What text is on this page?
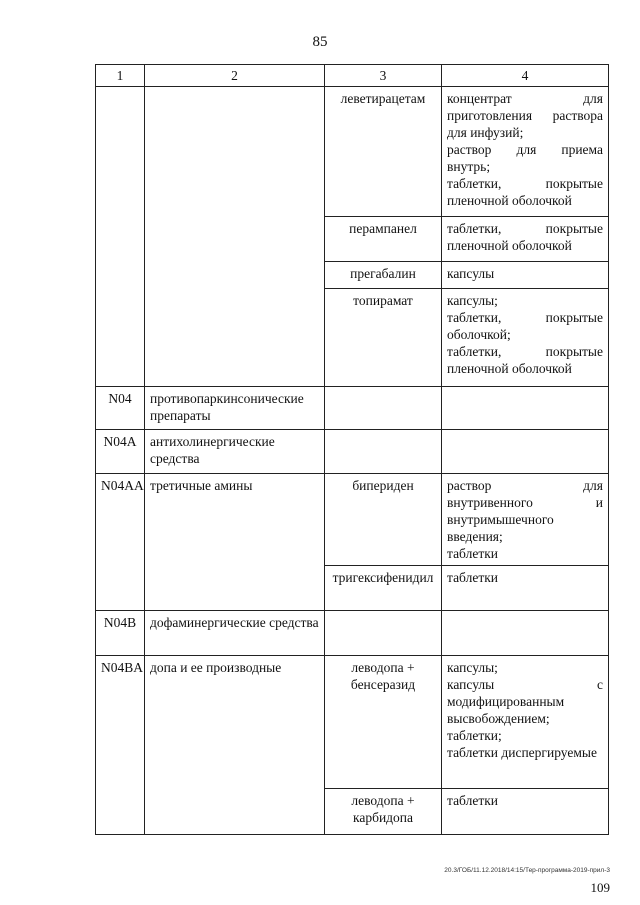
85
1	2	3	4
		леветирацетам	концентрат для приготовления раствора для инфузий;
раствор для приема внутрь;
таблетки, покрытые пленочной оболочкой

		перампанел	таблетки, покрытые пленочной оболочкой

		прегабалин	капсулы

		топирамат	капсулы;
таблетки, покрытые оболочкой;
таблетки, покрытые пленочной оболочкой

N04	противопаркинсонические препараты		
N04A	антихолинергические средства		
N04AA	третичные амины	бипериден	раствор для внутривенного и внутримышечного введения;
таблетки

		тригексифенидил	таблетки

N04B	дофаминергические средства		
N04BA	допа и ее производные	леводопа + бенсеразид	капсулы;
капсулы с модифицированным высвобождением;
таблетки;
таблетки диспергируемые

		леводопа + карбидопа	таблетки
20.3/ГОБ/11.12.2018/14:15/Тер-программа-2019-прил-3
109
